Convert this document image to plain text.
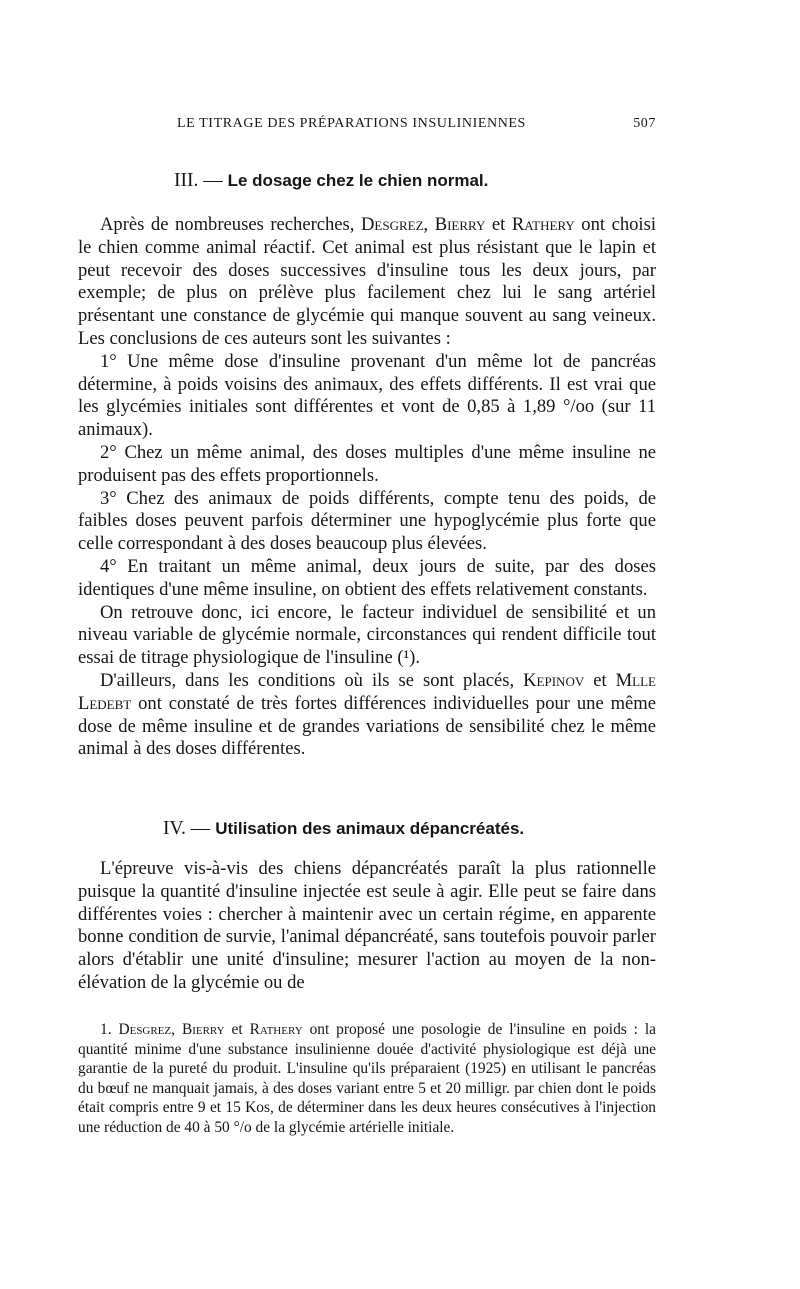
LE TITRAGE DES PRÉPARATIONS INSULINIENNES	507
III. — Le dosage chez le chien normal.

Après de nombreuses recherches, Desgrez, Bierry et Rathery ont choisi le chien comme animal réactif. Cet animal est plus résistant que le lapin et peut recevoir des doses successives d'insuline tous les deux jours, par exemple; de plus on prélève plus facilement chez lui le sang artériel présentant une constance de glycémie qui manque souvent au sang veineux. Les conclusions de ces auteurs sont les suivantes :

1° Une même dose d'insuline provenant d'un même lot de pancréas détermine, à poids voisins des animaux, des effets différents. Il est vrai que les glycémies initiales sont différentes et vont de 0,85 à 1,89 °/oo (sur 11 animaux).

2° Chez un même animal, des doses multiples d'une même insuline ne produisent pas des effets proportionnels.

3° Chez des animaux de poids différents, compte tenu des poids, de faibles doses peuvent parfois déterminer une hypoglycémie plus forte que celle correspondant à des doses beaucoup plus élevées.

4° En traitant un même animal, deux jours de suite, par des doses identiques d'une même insuline, on obtient des effets relativement constants.

On retrouve donc, ici encore, le facteur individuel de sensibilité et un niveau variable de glycémie normale, circonstances qui rendent difficile tout essai de titrage physiologique de l'insuline (¹).

D'ailleurs, dans les conditions où ils se sont placés, Kepinov et Mlle Ledebt ont constaté de très fortes différences individuelles pour une même dose de même insuline et de grandes variations de sensibilité chez le même animal à des doses différentes.

IV. — Utilisation des animaux dépancréatés.

L'épreuve vis-à-vis des chiens dépancréatés paraît la plus rationnelle puisque la quantité d'insuline injectée est seule à agir. Elle peut se faire dans différentes voies : chercher à maintenir avec un certain régime, en apparente bonne condition de survie, l'animal dépancréaté, sans toutefois pouvoir parler alors d'établir une unité d'insuline; mesurer l'action au moyen de la non-élévation de la glycémie ou de

1. Desgrez, Bierry et Rathery ont proposé une posologie de l'insuline en poids : la quantité minime d'une substance insulinienne douée d'activité physiologique est déjà une garantie de la pureté du produit. L'insuline qu'ils préparaient (1925) en utilisant le pancréas du bœuf ne manquait jamais, à des doses variant entre 5 et 20 milligr. par chien dont le poids était compris entre 9 et 15 Kos, de déterminer dans les deux heures consécutives à l'injection une réduction de 40 à 50 °/o de la glycémie artérielle initiale.
